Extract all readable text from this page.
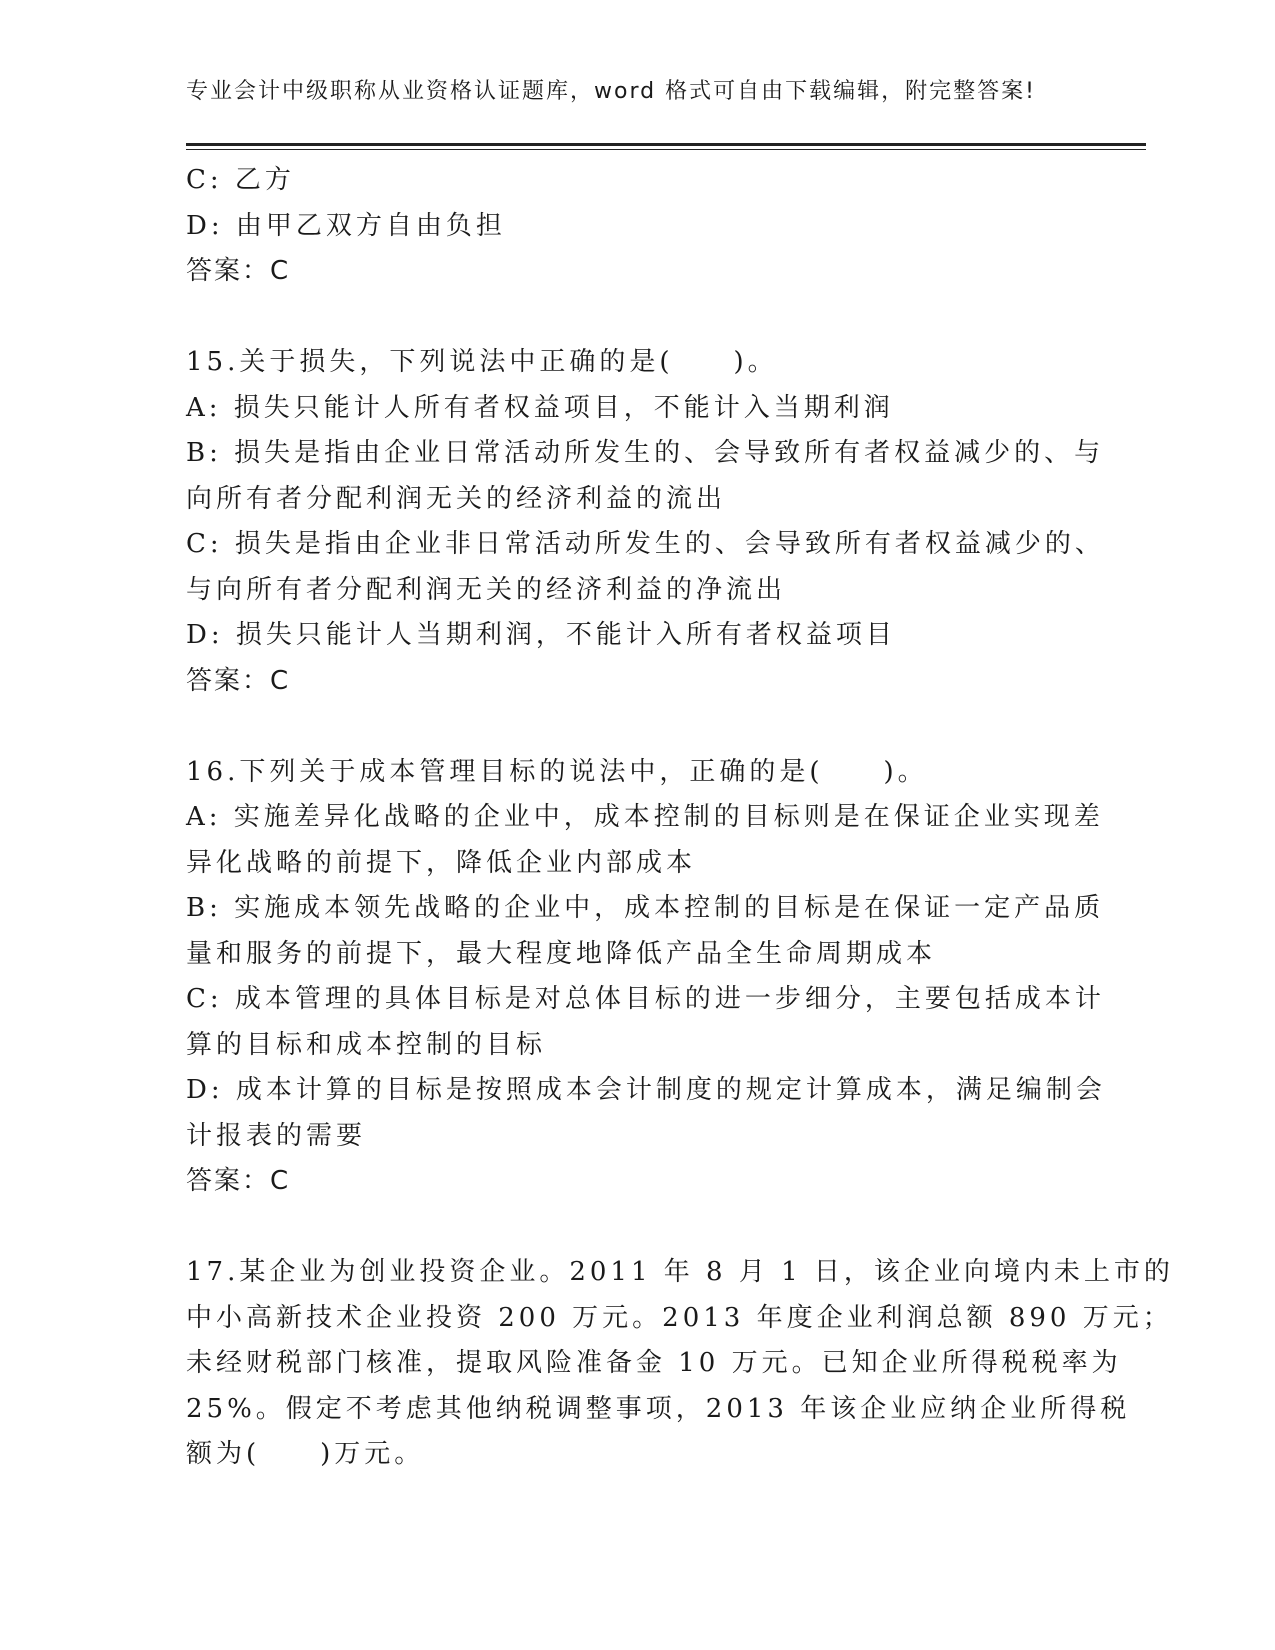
专业会计中级职称从业资格认证题库，word 格式可自由下载编辑，附完整答案!
C: 乙方
D: 由甲乙双方自由负担
答案：C
15.关于损失，下列说法中正确的是(　　)。
A: 损失只能计人所有者权益项目，不能计入当期利润
B: 损失是指由企业日常活动所发生的、会导致所有者权益减少的、与
向所有者分配利润无关的经济利益的流出
C: 损失是指由企业非日常活动所发生的、会导致所有者权益减少的、
与向所有者分配利润无关的经济利益的净流出
D: 损失只能计人当期利润，不能计入所有者权益项目
答案：C
16.下列关于成本管理目标的说法中，正确的是(　　)。
A: 实施差异化战略的企业中，成本控制的目标则是在保证企业实现差
异化战略的前提下，降低企业内部成本
B: 实施成本领先战略的企业中，成本控制的目标是在保证一定产品质
量和服务的前提下，最大程度地降低产品全生命周期成本
C: 成本管理的具体目标是对总体目标的进一步细分，主要包括成本计
算的目标和成本控制的目标
D: 成本计算的目标是按照成本会计制度的规定计算成本，满足编制会
计报表的需要
答案：C
17.某企业为创业投资企业。2011 年 8 月 1 日，该企业向境内未上市的
中小高新技术企业投资 200 万元。2013 年度企业利润总额 890 万元；
未经财税部门核准，提取风险准备金 10 万元。已知企业所得税税率为
25%。假定不考虑其他纳税调整事项，2013 年该企业应纳企业所得税
额为(　　)万元。
